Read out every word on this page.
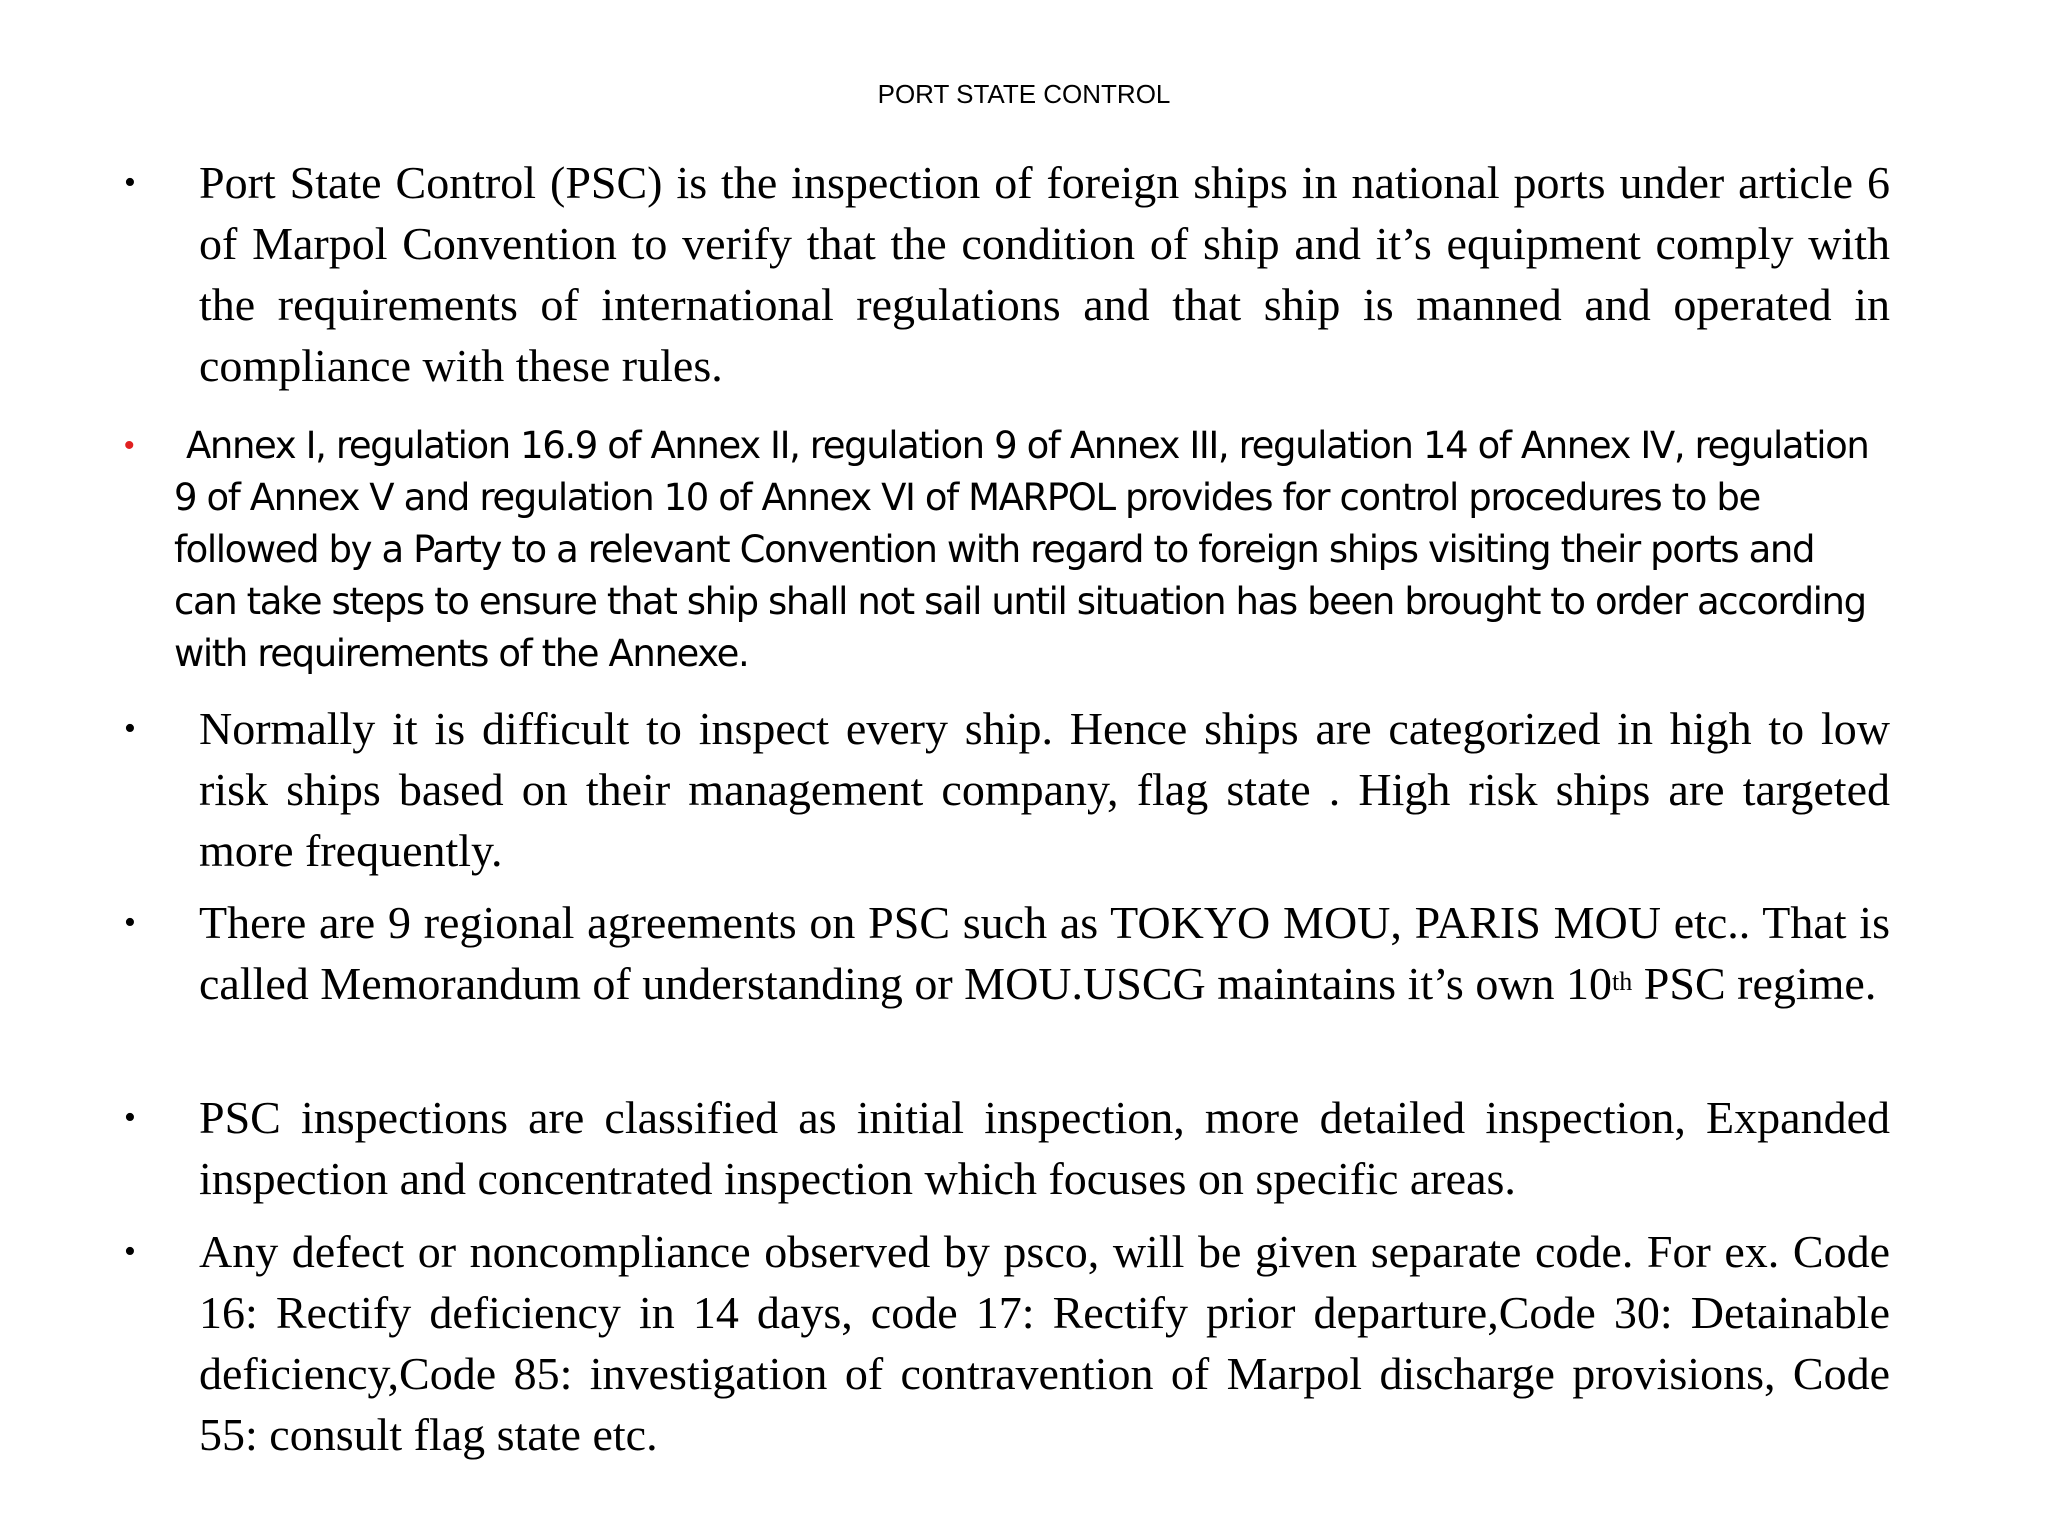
PORT STATE CONTROL
• Port State Control (PSC) is the inspection of foreign ships in national ports under article 6 of Marpol Convention to verify that the condition of ship and it’s equipment comply with the requirements of international regulations and that ship is manned and operated in compliance with these rules.
•	Annex I, regulation 16.9 of Annex II, regulation 9 of Annex III, regulation 14 of Annex IV, regulation 9 of Annex V and regulation 10 of Annex VI of MARPOL provides for control procedures to be followed by a Party to a relevant Convention with regard to foreign ships visiting their ports and can take steps to ensure that ship shall not sail until situation has been brought to order according with requirements of the Annexe.
• Normally it is difficult to inspect every ship. Hence ships are categorized in high to low risk ships based on their management company, flag state . High risk ships are targeted more frequently.
• There are 9 regional agreements on PSC such as TOKYO MOU, PARIS MOU etc.. That is called Memorandum of understanding or MOU.USCG maintains it’s own 10th PSC regime.
• PSC inspections are classified as initial inspection, more detailed inspection, Expanded inspection and concentrated inspection which focuses on specific areas.
• Any defect or noncompliance observed by psco, will be given separate code. For ex. Code 16: Rectify deficiency in 14 days, code 17: Rectify prior departure,Code 30: Detainable deficiency,Code 85: investigation of contravention of Marpol discharge provisions, Code 55: consult flag state etc.
